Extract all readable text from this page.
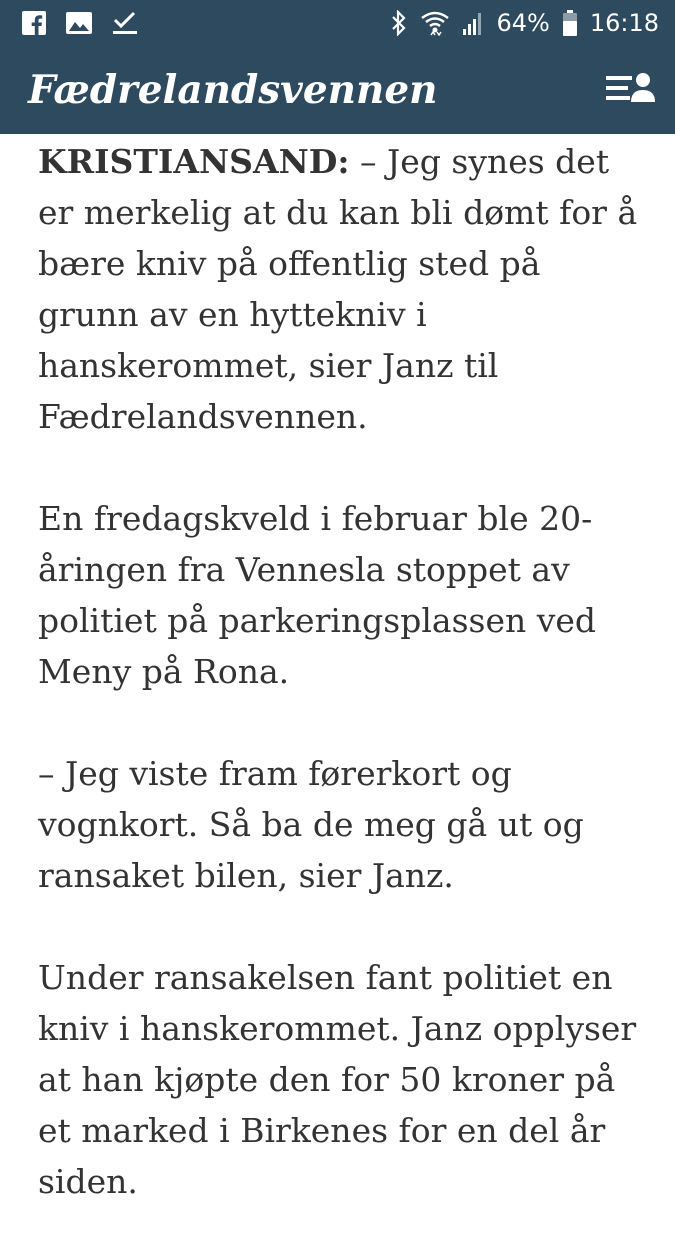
64% 16:18
Fædrelandsvennen

KRISTIANSAND: – Jeg synes det er merkelig at du kan bli dømt for å bære kniv på offentlig sted på grunn av en hyttekniv i hanskerommet, sier Janz til Fædrelandsvennen.

En fredagskveld i februar ble 20-åringen fra Vennesla stoppet av politiet på parkeringsplassen ved Meny på Rona.

– Jeg viste fram førerkort og vognkort. Så ba de meg gå ut og ransaket bilen, sier Janz.

Under ransakelsen fant politiet en kniv i hanskerommet. Janz opplyser at han kjøpte den for 50 kroner på et marked i Birkenes for en del år siden.
